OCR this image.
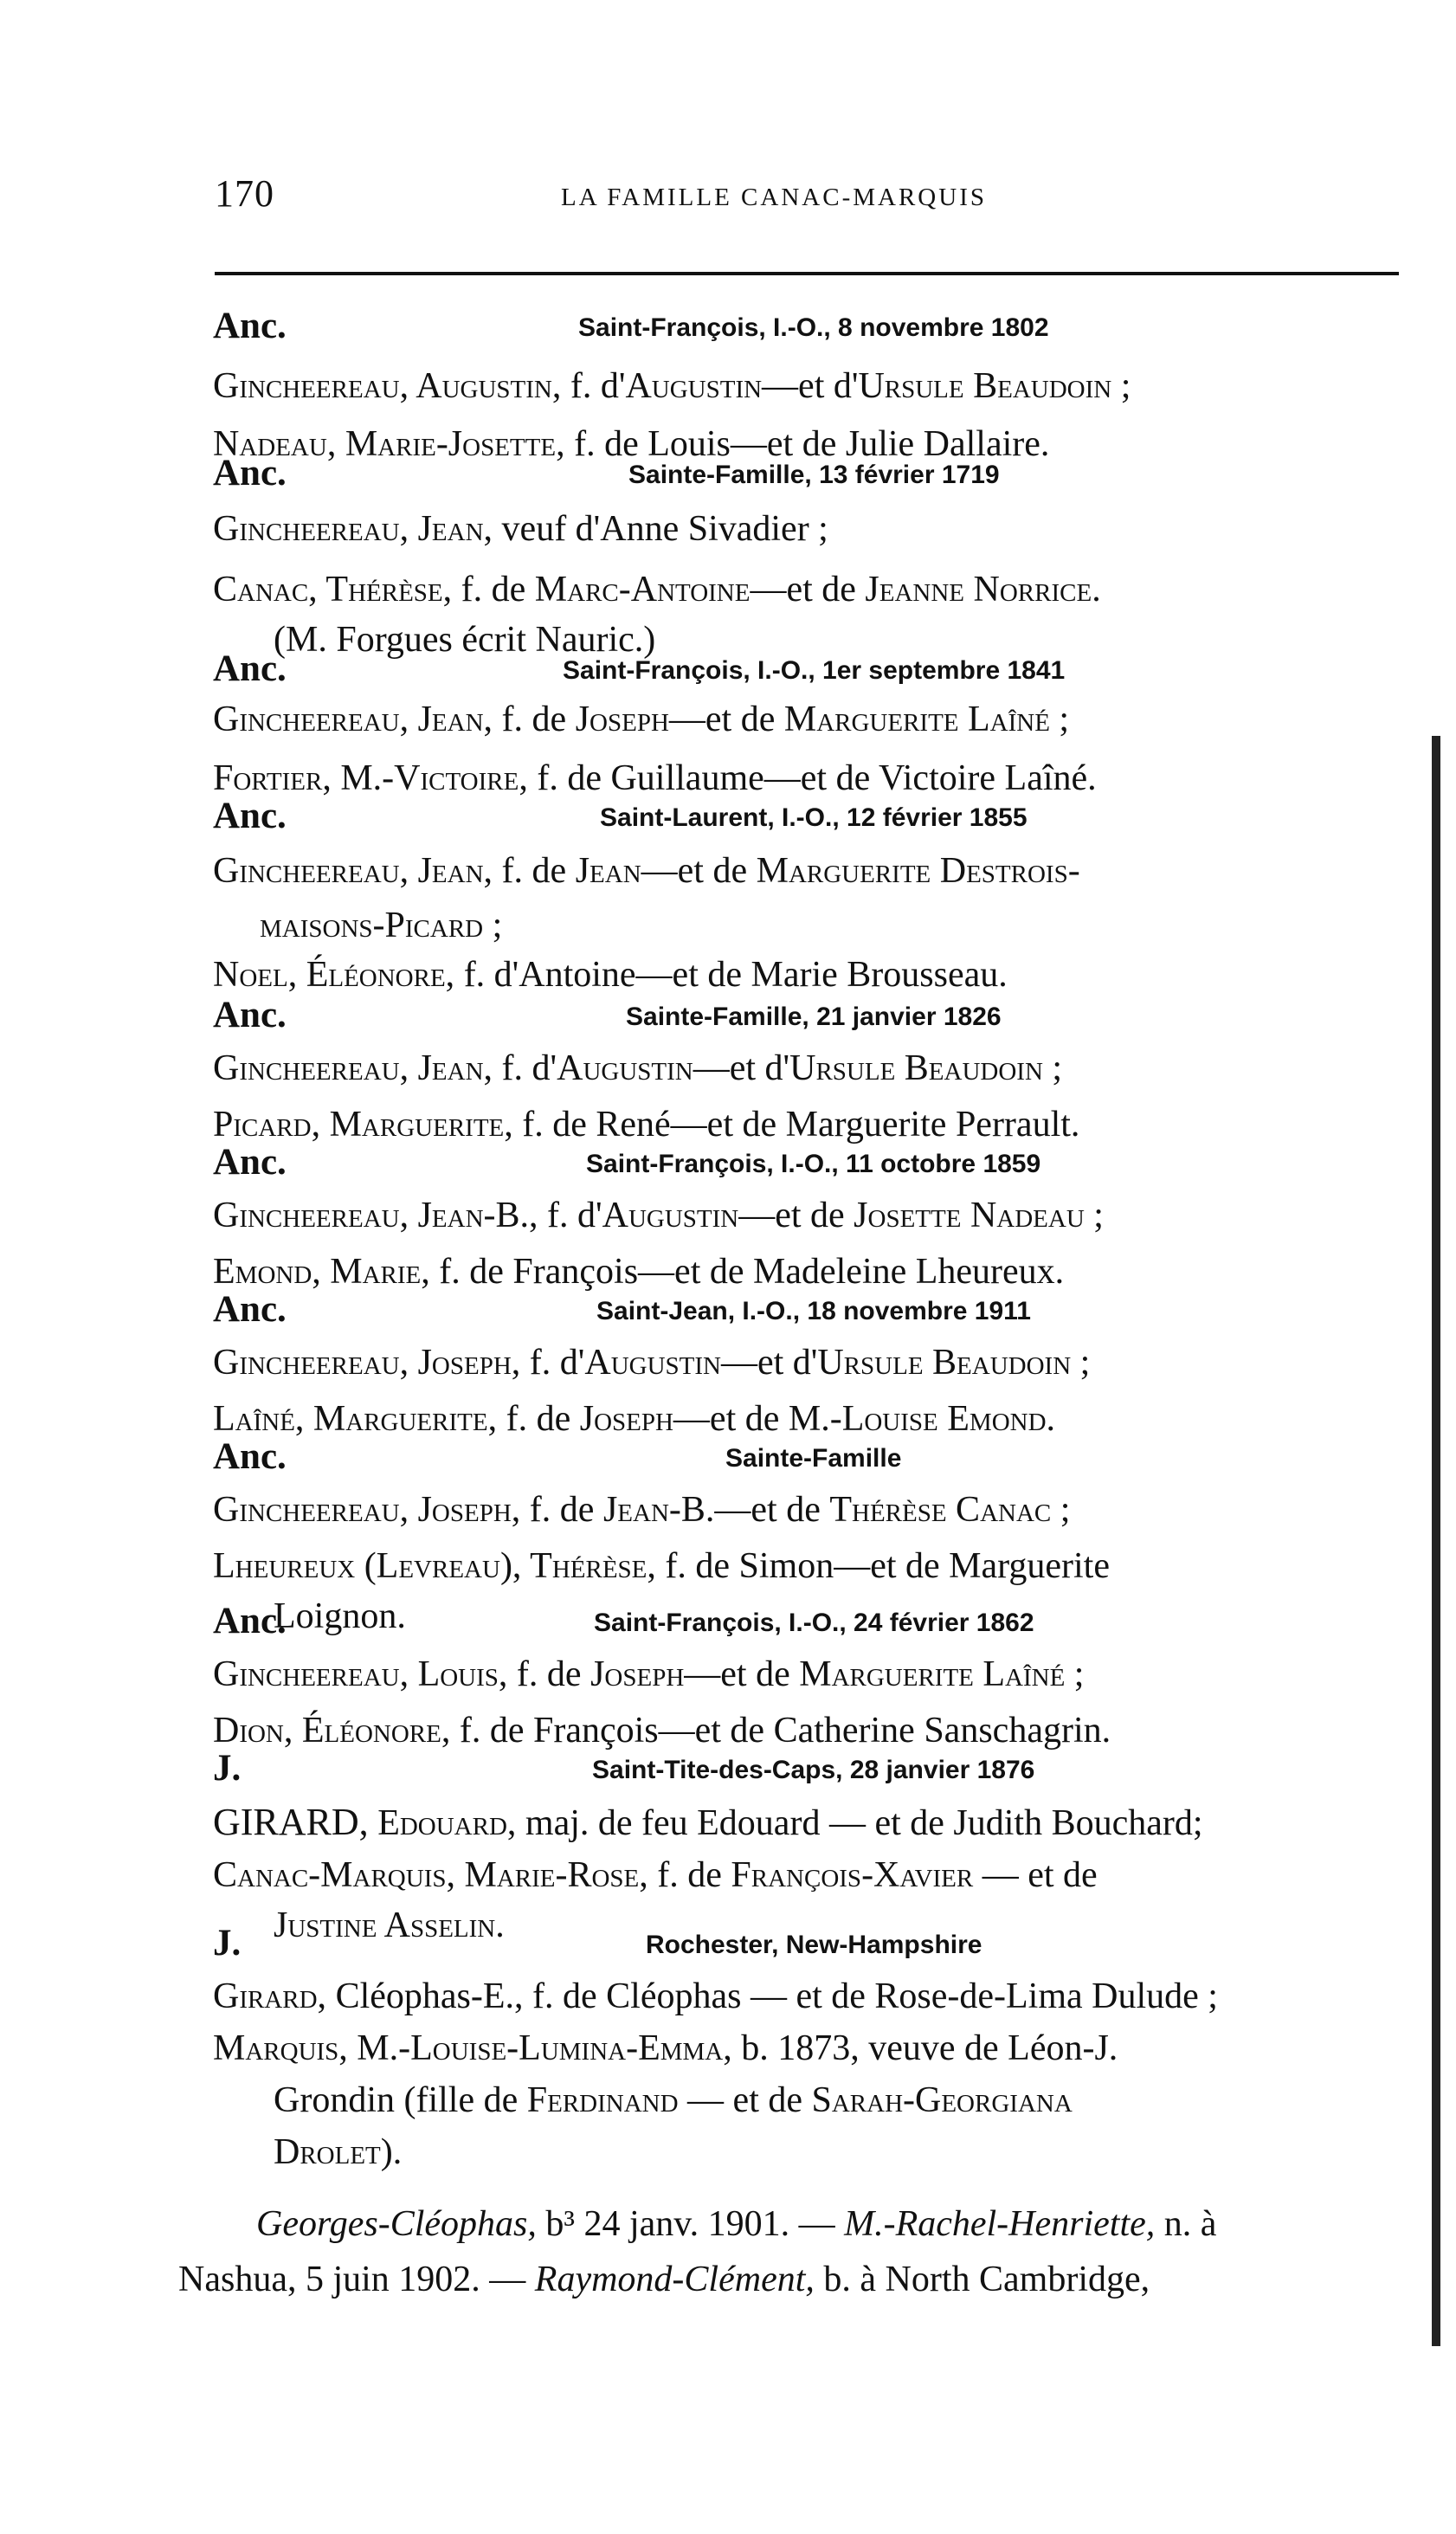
170	LA FAMILLE CANAC-MARQUIS
Anc.	Saint-François, I.-O., 8 novembre 1802
Gincheereau, Augustin, f. d'Augustin—et d'Ursule Beaudoin ;
Nadeau, Marie-Josette, f. de Louis—et de Julie Dallaire.
Anc.	Sainte-Famille, 13 février 1719
Gincheereau, Jean, veuf d'Anne Sivadier ;
Canac, Thérèse, f. de Marc-Antoine—et de Jeanne Norrice.
(M. Forgues écrit Nauric.)
Anc.	Saint-François, I.-O., 1er septembre 1841
Gincheereau, Jean, f. de Joseph—et de Marguerite Laîné ;
Fortier, M.-Victoire, f. de Guillaume—et de Victoire Laîné.
Anc.	Saint-Laurent, I.-O., 12 février 1855
Gincheereau, Jean, f. de Jean—et de Marguerite Destrois-
maisons-Picard ;
Noel, Éléonore, f. d'Antoine—et de Marie Brousseau.
Anc.	Sainte-Famille, 21 janvier 1826
Gincheereau, Jean, f. d'Augustin—et d'Ursule Beaudoin ;
Picard, Marguerite, f. de René—et de Marguerite Perrault.
Anc.	Saint-François, I.-O., 11 octobre 1859
Gincheereau, Jean-B., f. d'Augustin—et de Josette Nadeau ;
Emond, Marie, f. de François—et de Madeleine Lheureux.
Anc.	Saint-Jean, I.-O., 18 novembre 1911
Gincheereau, Joseph, f. d'Augustin—et d'Ursule Beaudoin ;
Laîné, Marguerite, f. de Joseph—et de M.-Louise Emond.
Anc.	Sainte-Famille
Gincheereau, Joseph, f. de Jean-B.—et de Thérèse Canac ;
Lheureux (Levreau), Thérèse, f. de Simon—et de Marguerite
Loignon.
Anc.	Saint-François, I.-O., 24 février 1862
Gincheereau, Louis, f. de Joseph—et de Marguerite Laîné ;
Dion, Éléonore, f. de François—et de Catherine Sanschagrin.
J.	Saint-Tite-des-Caps, 28 janvier 1876
GIRARD, Edouard, maj. de feu Edouard — et de Judith Bouchard;
Canac-Marquis, Marie-Rose, f. de François-Xavier — et de
Justine Asselin.
J.	Rochester, New-Hampshire
Girard, Cléophas-E., f. de Cléophas — et de Rose-de-Lima Dulude ;
Marquis, M.-Louise-Lumina-Emma, b. 1873, veuve de Léon-J.
Grondin (fille de Ferdinand — et de Sarah-Georgiana
Drolet).
Georges-Cléophas, b³ 24 janv. 1901. — M.-Rachel-Henriette, n. à
Nashua, 5 juin 1902. — Raymond-Clément, b. à North Cambridge,
